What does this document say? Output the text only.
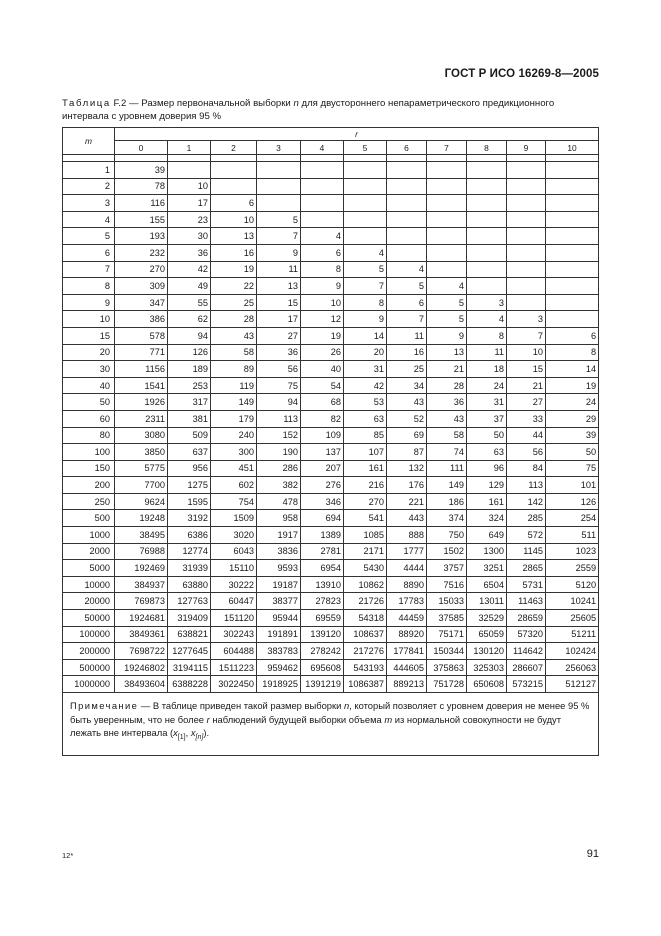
ГОСТ Р ИСО 16269-8—2005
Таблица F.2 — Размер первоначальной выборки n для двустороннего непараметрического предикционного интервала с уровнем доверия 95 %
m	r										
	0	1	2	3	4	5	6	7	8	9	10

1	39										
2	78	10									
3	116	17	6								
4	155	23	10	5							
5	193	30	13	7	4						
6	232	36	16	9	6	4					
7	270	42	19	11	8	5	4				
8	309	49	22	13	9	7	5	4			
9	347	55	25	15	10	8	6	5	3		
10	386	62	28	17	12	9	7	5	4	3	
15	578	94	43	27	19	14	11	9	8	7	6
20	771	126	58	36	26	20	16	13	11	10	8
30	1156	189	89	56	40	31	25	21	18	15	14
40	1541	253	119	75	54	42	34	28	24	21	19
50	1926	317	149	94	68	53	43	36	31	27	24
60	2311	381	179	113	82	63	52	43	37	33	29
80	3080	509	240	152	109	85	69	58	50	44	39
100	3850	637	300	190	137	107	87	74	63	56	50
150	5775	956	451	286	207	161	132	111	96	84	75
200	7700	1275	602	382	276	216	176	149	129	113	101
250	9624	1595	754	478	346	270	221	186	161	142	126
500	19248	3192	1509	958	694	541	443	374	324	285	254
1000	38495	6386	3020	1917	1389	1085	888	750	649	572	511
2000	76988	12774	6043	3836	2781	2171	1777	1502	1300	1145	1023
5000	192469	31939	15110	9593	6954	5430	4444	3757	3251	2865	2559
10000	384937	63880	30222	19187	13910	10862	8890	7516	6504	5731	5120
20000	769873	127763	60447	38377	27823	21726	17783	15033	13011	11463	10241
50000	1924681	319409	151120	95944	69559	54318	44459	37585	32529	28659	25605
100000	3849361	638821	302243	191891	139120	108637	88920	75171	65059	57320	51211
200000	7698722	1277645	604488	383783	278242	217276	177841	150344	130120	114642	102424
500000	19246802	3194115	1511223	959462	695608	543193	444605	375863	325303	286607	256063
1000000	38493604	6388228	3022450	1918925	1391219	1086387	889213	751728	650608	573215	512127
Примечание — В таблице приведен такой размер выборки n, который позволяет с уровнем доверия не менее 95 % быть уверенным, что не более r наблюдений будущей выборки объема m из нормальной совокупности не будут лежать вне интервала ($x_{[1]}$, $x_{[n]}$).
12*	91
